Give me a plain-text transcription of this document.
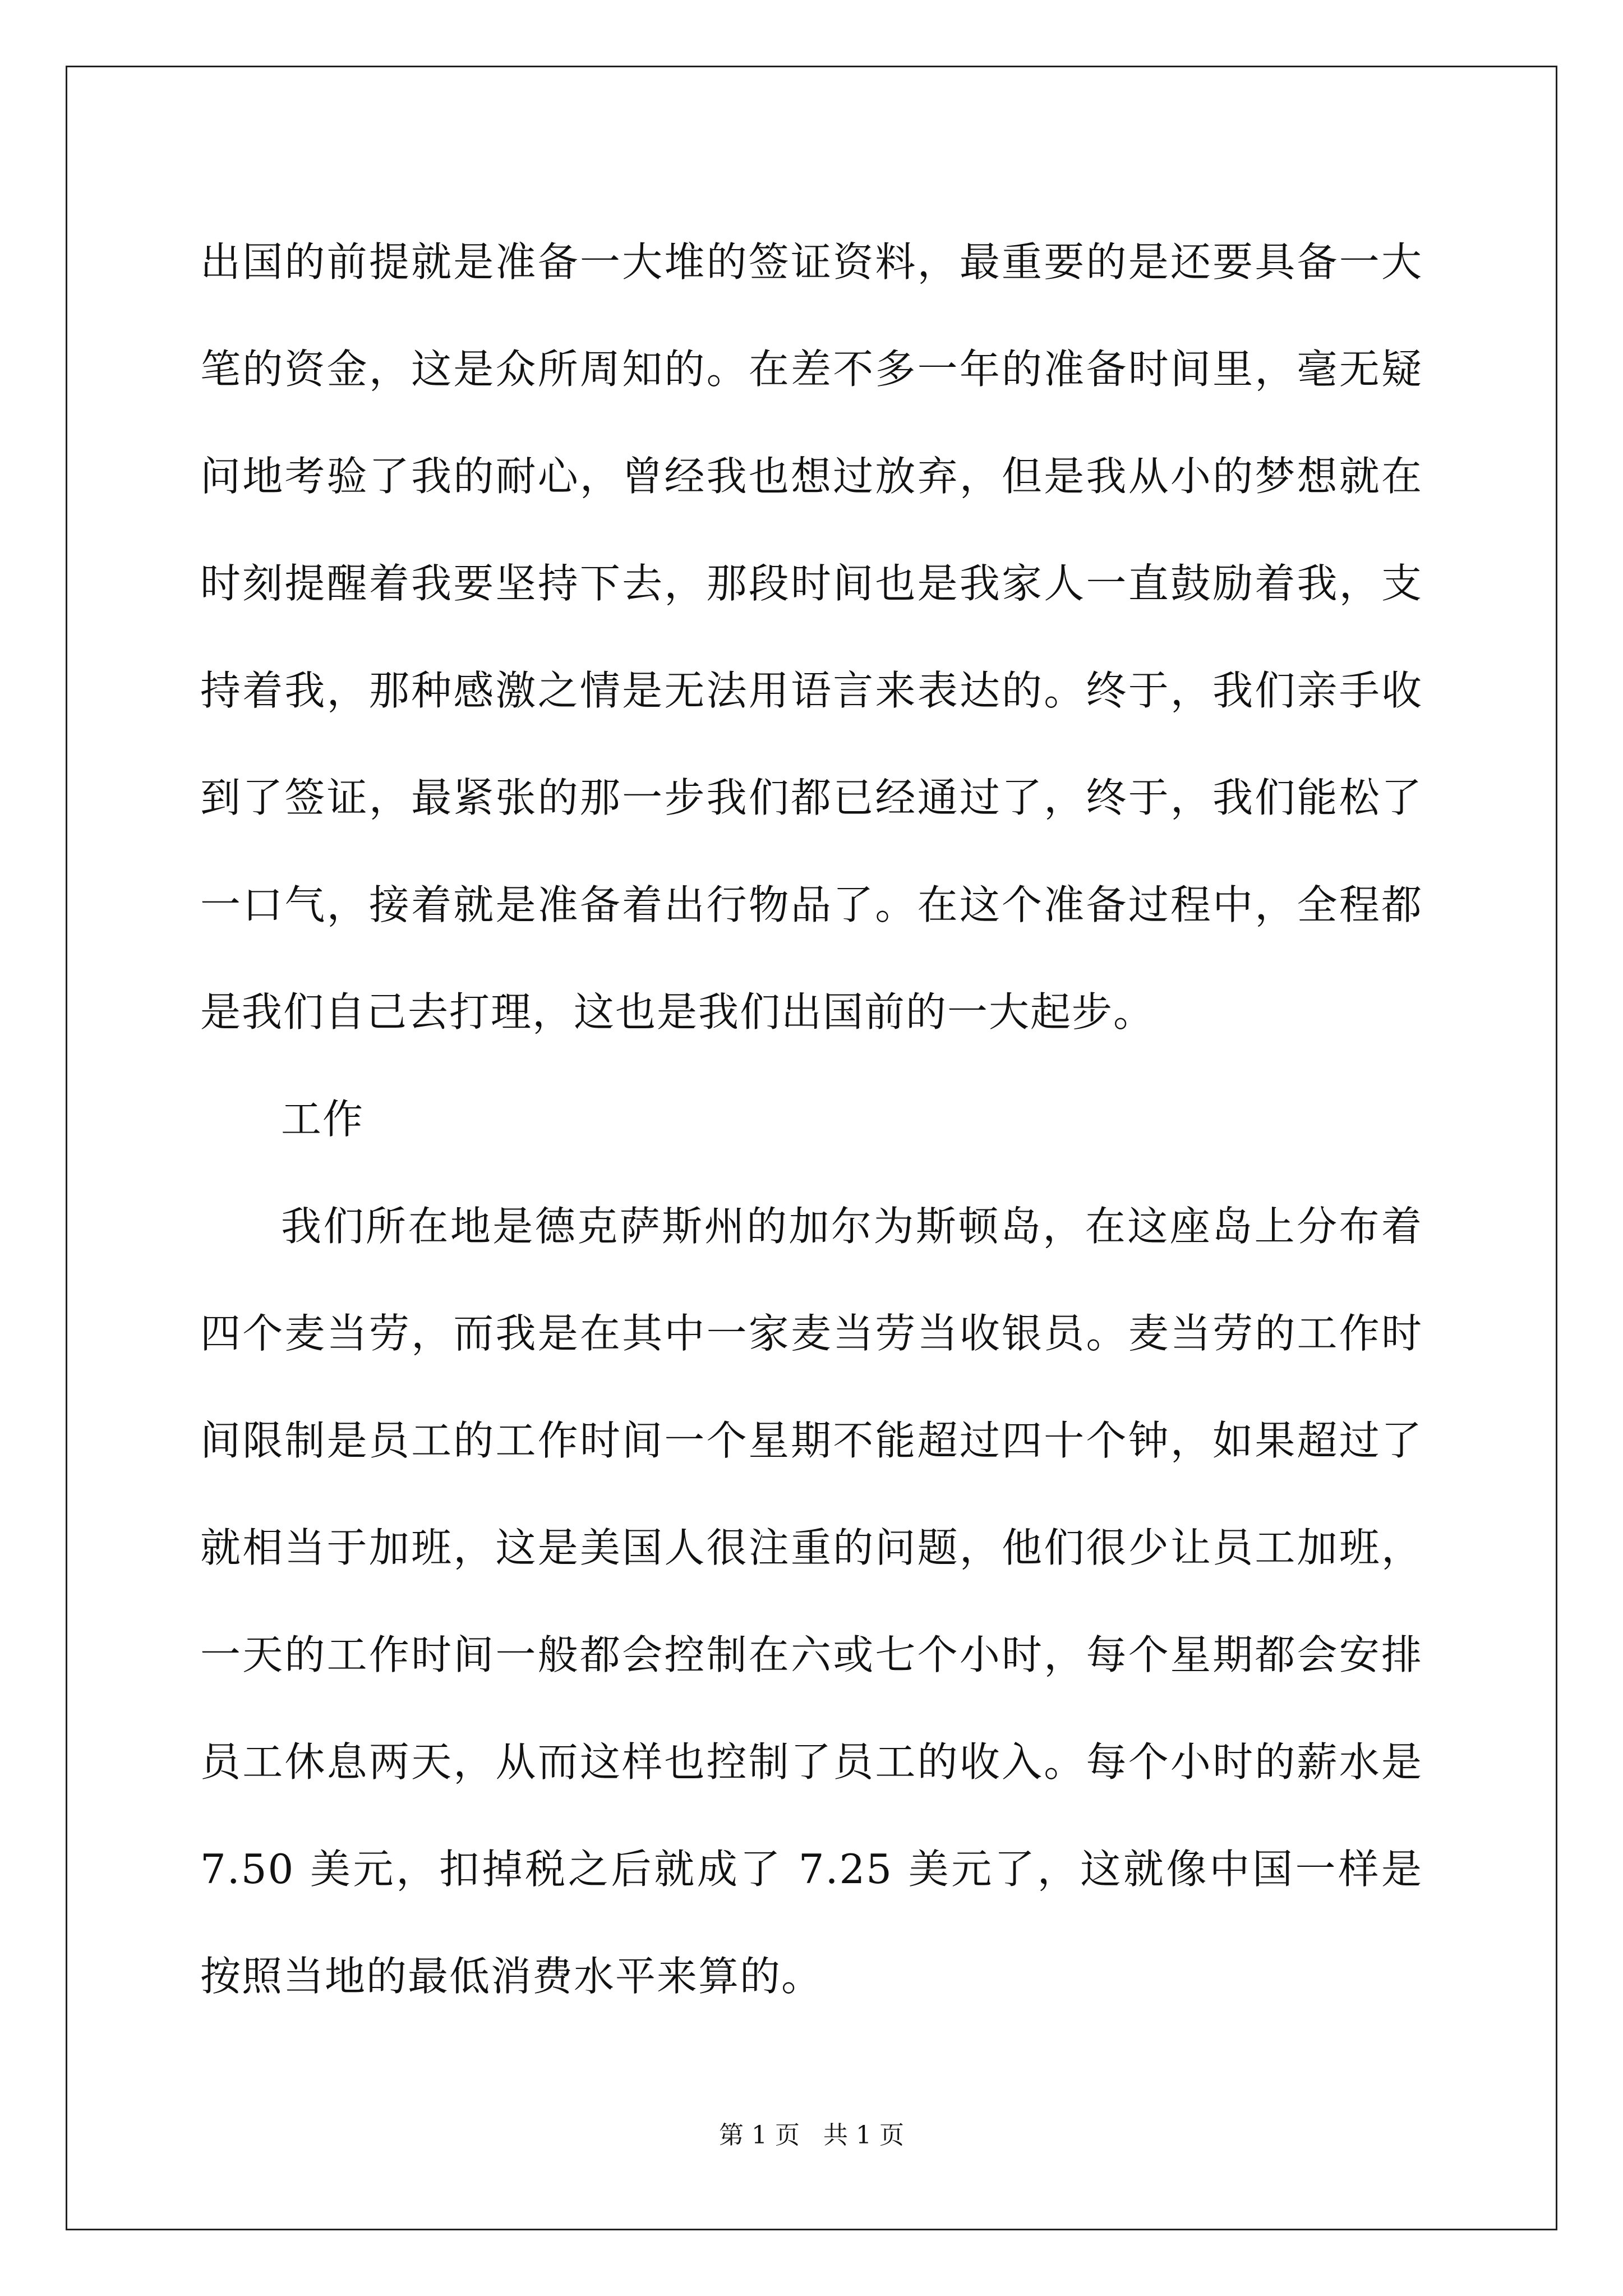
出国的前提就是准备一大堆的签证资料，最重要的是还要具备一大笔的资金，这是众所周知的。在差不多一年的准备时间里，毫无疑问地考验了我的耐心，曾经我也想过放弃，但是我从小的梦想就在时刻提醒着我要坚持下去，那段时间也是我家人一直鼓励着我，支持着我，那种感激之情是无法用语言来表达的。终于，我们亲手收到了签证，最紧张的那一步我们都已经通过了，终于，我们能松了一口气，接着就是准备着出行物品了。在这个准备过程中，全程都是我们自己去打理，这也是我们出国前的一大起步。

工作

我们所在地是德克萨斯州的加尔为斯顿岛，在这座岛上分布着四个麦当劳，而我是在其中一家麦当劳当收银员。麦当劳的工作时间限制是员工的工作时间一个星期不能超过四十个钟，如果超过了就相当于加班，这是美国人很注重的问题，他们很少让员工加班，一天的工作时间一般都会控制在六或七个小时，每个星期都会安排员工休息两天，从而这样也控制了员工的收入。每个小时的薪水是 7.50 美元，扣掉税之后就成了 7.25 美元了，这就像中国一样是按照当地的最低消费水平来算的。

第 1 页   共 1 页
